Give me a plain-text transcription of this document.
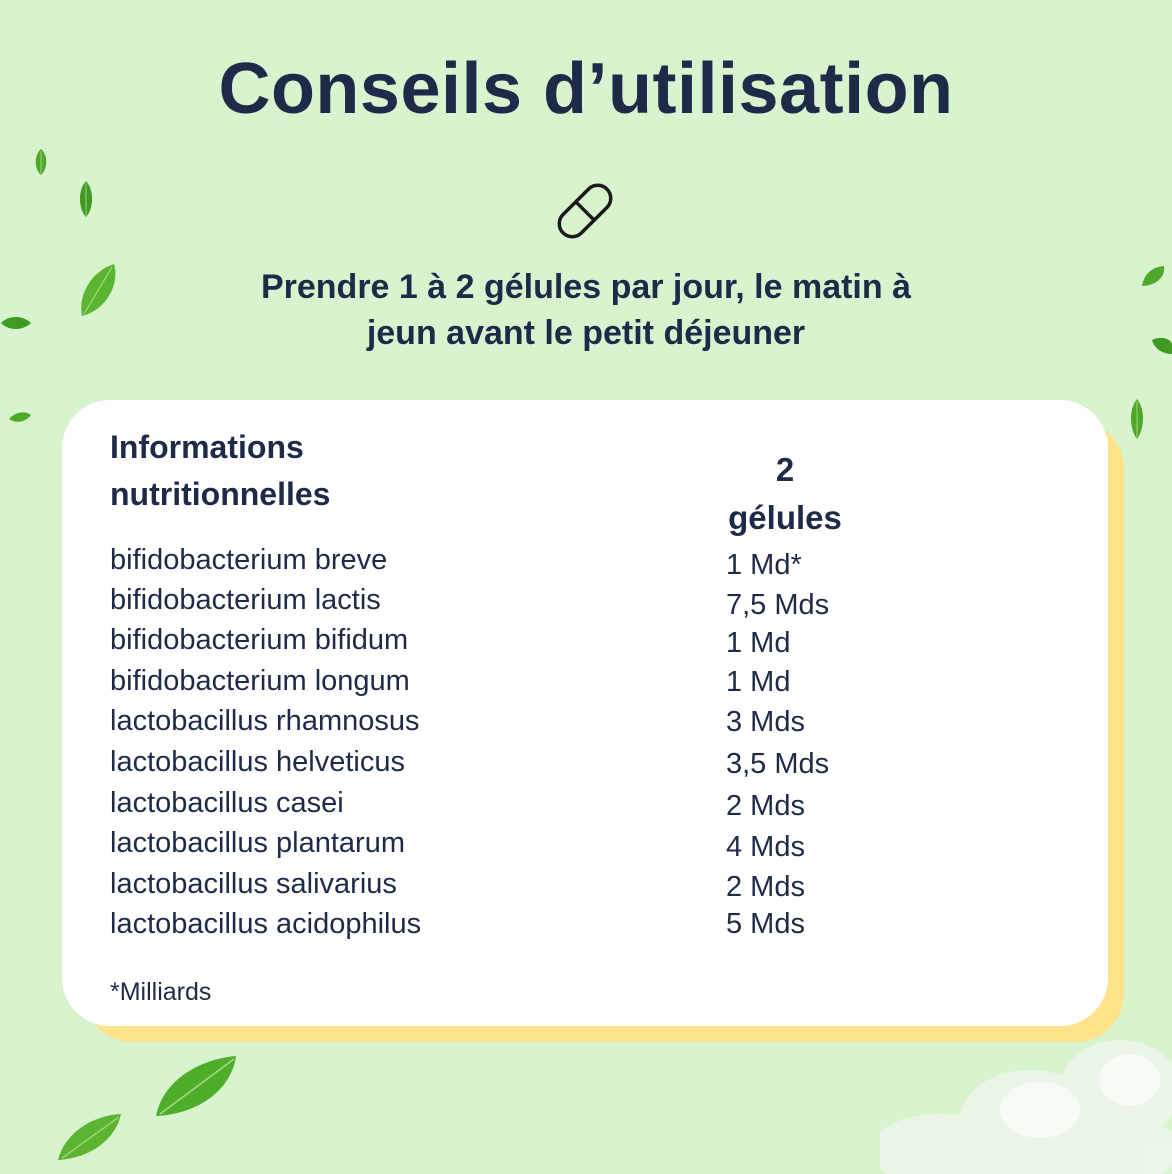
Conseils d’utilisation

Prendre 1 à 2 gélules par jour, le matin à
jeun avant le petit déjeuner

Informations
nutritionnelles

2
gélules

bifidobacterium breve	1 Md*
bifidobacterium lactis	7,5 Mds
bifidobacterium bifidum	1 Md
bifidobacterium longum	1 Md
lactobacillus rhamnosus	3 Mds
lactobacillus helveticus	3,5 Mds
lactobacillus casei	2 Mds
lactobacillus plantarum	4 Mds
lactobacillus salivarius	2 Mds
lactobacillus acidophilus	5 Mds
*Milliards
